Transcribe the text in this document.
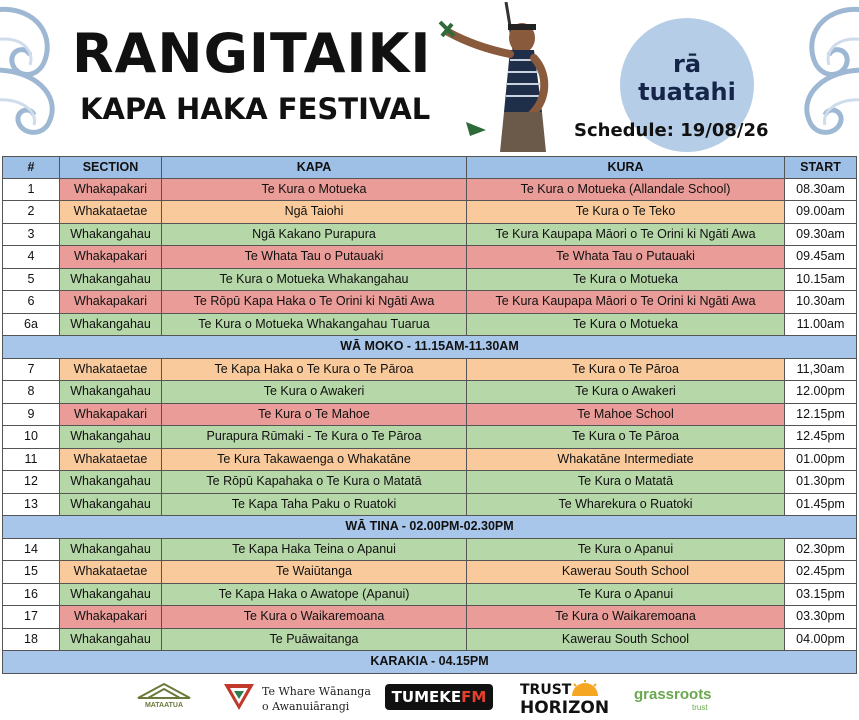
RANGITAIKI
KAPA HAKA FESTIVAL
rā
tuatahi
Schedule: 19/08/26
#	SECTION	KAPA	KURA	START
1	Whakapakari	Te Kura o Motueka	Te Kura o Motueka (Allandale School)	08.30am
2	Whakataetae	Ngā Taiohi	Te Kura o Te Teko	09.00am
3	Whakangahau	Ngā Kakano Purapura	Te Kura Kaupapa Māori o Te Orini ki Ngāti Awa	09.30am
4	Whakapakari	Te Whata Tau o Putauaki	Te Whata Tau o Putauaki	09.45am
5	Whakangahau	Te Kura o Motueka Whakangahau	Te Kura o Motueka	10.15am
6	Whakapakari	Te Rōpū Kapa Haka o Te Orini ki Ngāti Awa	Te Kura Kaupapa Māori o Te Orini ki Ngāti Awa	10.30am
6a	Whakangahau	Te Kura o Motueka Whakangahau Tuarua	Te Kura o Motueka	11.00am
WĀ MOKO - 11.15AM-11.30AM
7	Whakataetae	Te Kapa Haka o Te Kura o Te Pāroa	Te Kura o Te Pāroa	11,30am
8	Whakangahau	Te Kura o Awakeri	Te Kura o Awakeri	12.00pm
9	Whakapakari	Te Kura o Te Mahoe	Te Mahoe School	12.15pm
10	Whakangahau	Purapura Rūmaki - Te Kura o Te Pāroa	Te Kura o Te Pāroa	12.45pm
11	Whakataetae	Te Kura Takawaenga o Whakatāne	Whakatāne Intermediate	01.00pm
12	Whakangahau	Te Rōpū Kapahaka o Te Kura o Matatā	Te Kura o Matatā	01.30pm
13	Whakangahau	Te Kapa Taha Paku o Ruatoki	Te Wharekura o Ruatoki	01.45pm
WĀ TINA - 02.00PM-02.30PM
14	Whakangahau	Te Kapa Haka Teina o Apanui	Te Kura o Apanui	02.30pm
15	Whakataetae	Te Waiūtanga	Kawerau South School	02.45pm
16	Whakangahau	Te Kapa Haka o Awatope (Apanui)	Te Kura o Apanui	03.15pm
17	Whakapakari	Te Kura o Waikaremoana	Te Kura o Waikaremoana	03.30pm
18	Whakangahau	Te Puāwaitanga	Kawerau South School	04.00pm
KARAKIA - 04.15PM
MATAATUA
Te Whare Wānanga
o Awanuiārangi
TUMEKEFM	TRUST
HORIZON
grassroots
trust
